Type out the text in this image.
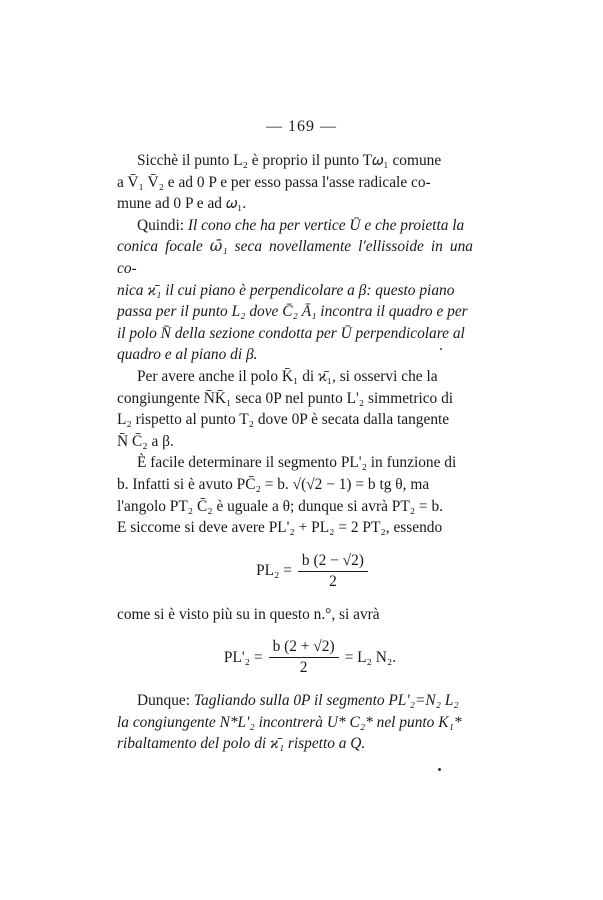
— 169 —

Sicchè il punto L₂ è proprio il punto T𝜔₁ comune

a V̄₁ V̄₂ e ad 0 P e per esso passa l'asse radicale co-

mune ad 0 P e ad 𝜔₁.

Quindi: Il cono che ha per vertice Ū e che proietta la

conica focale 𝜔̄₁ seca novellamente l'ellissoide in una co-

nica ϰ̄₁ il cui piano è perpendicolare a β: questo piano

passa per il punto L₂ dove C̄₂ Ā₁ incontra il quadro e per

il polo N̄ della sezione condotta per Ū perpendicolare al

quadro e al piano di β.

Per avere anche il polo K̄₁ di ϰ̄₁, si osservi che la

congiungente N̄K̄₁ seca 0P nel punto L'₂ simmetrico di

L₂ rispetto al punto T₂ dove 0P è secata dalla tangente

N̄ C̄₂ a β.

È facile determinare il segmento PL'₂ in funzione di

b. Infatti si è avuto PC̄₂ = b. √(√2 − 1) = b tg θ, ma

l'angolo PT₂ C̄₂ è uguale a θ; dunque si avrà PT₂ = b.

E siccome si deve avere PL'₂ + PL₂ = 2 PT₂, essendo

$PL_2 = \frac{b (2 - √2)}{2}$

come si è visto più su in questo n.°, si avrà

$PL'_2 = \frac{b (2 + √2)}{2} = L_2$ N₂.

Dunque: Tagliando sulla 0P il segmento PL'₂=N₂ L₂

la congiungente N*L'₂ incontrerà U* C₂* nel punto K₁*

ribaltamento del polo di ϰ̄₁ rispetto a Q.
